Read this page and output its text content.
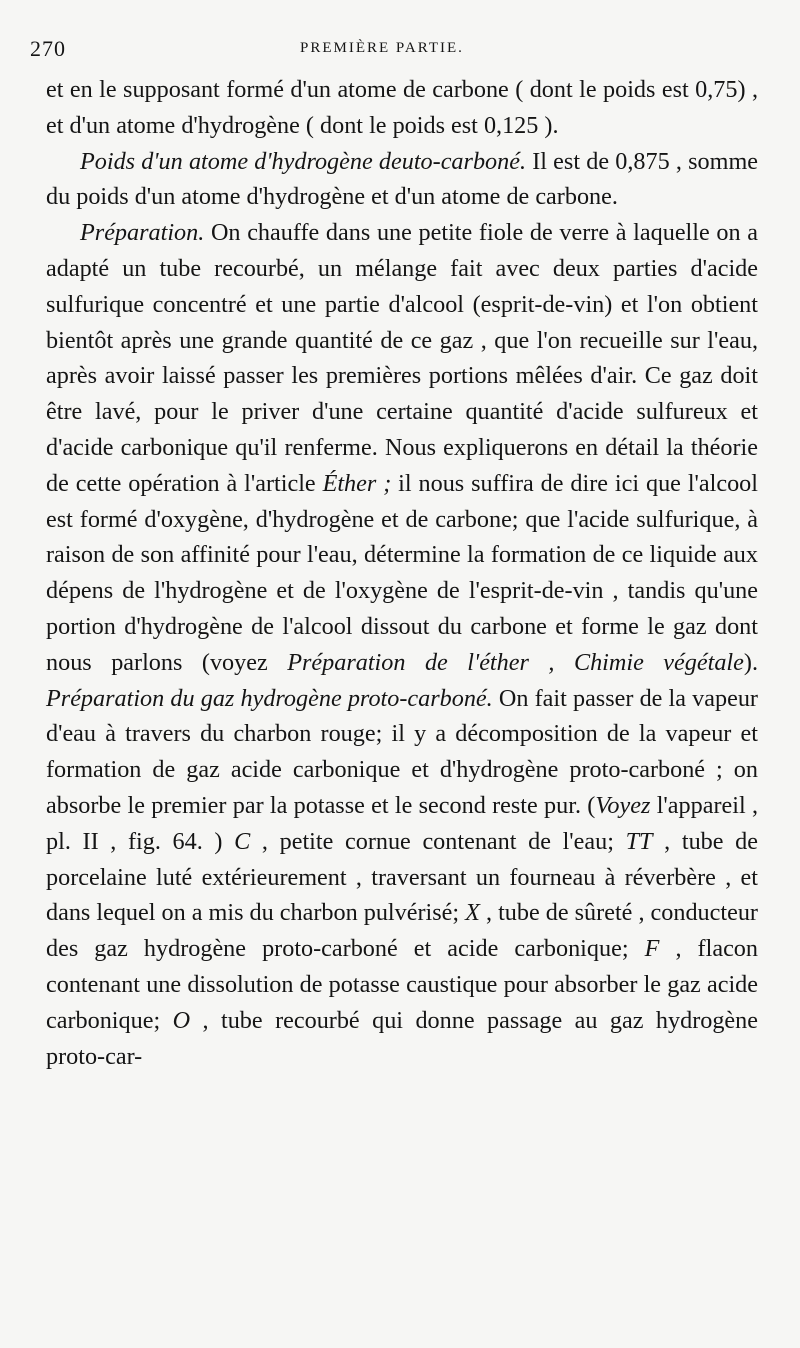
270	PREMIÈRE PARTIE.

et en le supposant formé d'un atome de carbone ( dont le poids est 0,75) , et d'un atome d'hydrogène ( dont le poids est 0,125 ).

Poids d'un atome d'hydrogène deuto-carboné. Il est de 0,875 , somme du poids d'un atome d'hydrogène et d'un atome de carbone.

Préparation. On chauffe dans une petite fiole de verre à laquelle on a adapté un tube recourbé, un mélange fait avec deux parties d'acide sulfurique concentré et une partie d'alcool (esprit-de-vin) et l'on obtient bientôt après une grande quantité de ce gaz , que l'on recueille sur l'eau, après avoir laissé passer les premières portions mêlées d'air. Ce gaz doit être lavé, pour le priver d'une certaine quantité d'acide sulfureux et d'acide carbonique qu'il renferme. Nous expliquerons en détail la théorie de cette opération à l'article Éther ; il nous suffira de dire ici que l'alcool est formé d'oxygène, d'hydrogène et de carbone; que l'acide sulfurique, à raison de son affinité pour l'eau, détermine la formation de ce liquide aux dépens de l'hydrogène et de l'oxygène de l'esprit-de-vin , tandis qu'une portion d'hydrogène de l'alcool dissout du carbone et forme le gaz dont nous parlons (voyez Préparation de l'éther , Chimie végétale). Préparation du gaz hydrogène proto-carboné. On fait passer de la vapeur d'eau à travers du charbon rouge; il y a décomposition de la vapeur et formation de gaz acide carbonique et d'hydrogène proto-carboné ; on absorbe le premier par la potasse et le second reste pur. (Voyez l'appareil , pl. II , fig. 64. ) C , petite cornue contenant de l'eau; TT , tube de porcelaine luté extérieurement , traversant un fourneau à réverbère , et dans lequel on a mis du charbon pulvérisé; X , tube de sûreté , conducteur des gaz hydrogène proto-carboné et acide carbonique; F , flacon contenant une dissolution de potasse caustique pour absorber le gaz acide carbonique; O , tube recourbé qui donne passage au gaz hydrogène proto-car-
